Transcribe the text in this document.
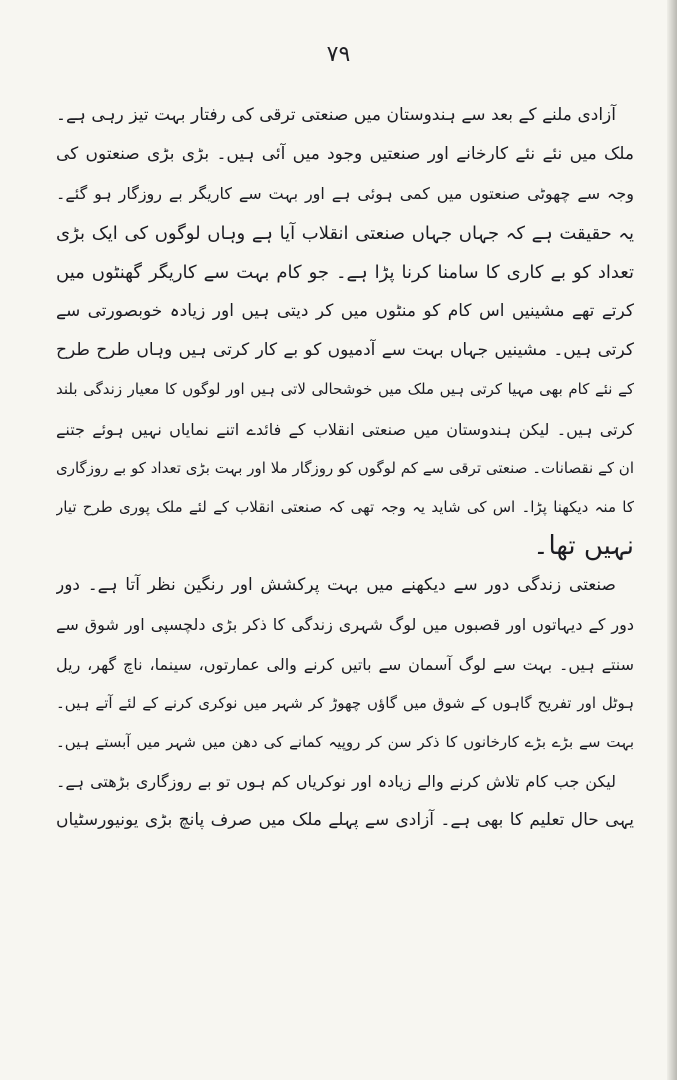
۷۹
آزادی ملنے کے بعد سے ہندوستان میں صنعتی ترقی کی رفتار بہت تیز رہی ہے۔
ملک میں نئے نئے کارخانے اور صنعتیں وجود میں آئی ہیں۔ بڑی بڑی صنعتوں کی
وجہ سے چھوٹی صنعتوں میں کمی ہوئی ہے اور بہت سے کاریگر بے روزگار ہو گئے۔
یہ حقیقت ہے کہ جہاں جہاں صنعتی انقلاب آیا ہے وہاں لوگوں کی ایک بڑی
تعداد کو بے کاری کا سامنا کرنا پڑا ہے۔ جو کام بہت سے کاریگر گھنٹوں میں
کرتے تھے مشینیں اس کام کو منٹوں میں کر دیتی ہیں اور زیادہ خوبصورتی سے
کرتی ہیں۔ مشینیں جہاں بہت سے آدمیوں کو بے کار کرتی ہیں وہاں طرح طرح
کے نئے کام بھی مہیا کرتی ہیں ملک میں خوشحالی لاتی ہیں اور لوگوں کا معیار زندگی بلند
کرتی ہیں۔ لیکن ہندوستان میں صنعتی انقلاب کے فائدے اتنے نمایاں نہیں ہوئے جتنے
ان کے نقصانات۔ صنعتی ترقی سے کم لوگوں کو روزگار ملا اور بہت بڑی تعداد کو بے روزگاری
کا منہ دیکھنا پڑا۔ اس کی شاید یہ وجہ تھی کہ صنعتی انقلاب کے لئے ملک پوری طرح تیار
نہیں تھا۔
صنعتی زندگی دور سے دیکھنے میں بہت پرکشش اور رنگین نظر آتا ہے۔ دور
دور کے دیہاتوں اور قصبوں میں لوگ شہری زندگی کا ذکر بڑی دلچسپی اور شوق سے
سنتے ہیں۔ بہت سے لوگ آسمان سے باتیں کرنے والی عمارتوں، سینما، ناچ گھر، ریل
ہوٹل اور تفریح گاہوں کے شوق میں گاؤں چھوڑ کر شہر میں نوکری کرنے کے لئے آتے ہیں۔
بہت سے بڑے بڑے کارخانوں کا ذکر سن کر روپیہ کمانے کی دھن میں شہر میں آبستے ہیں۔
لیکن جب کام تلاش کرنے والے زیادہ اور نوکریاں کم ہوں تو بے روزگاری بڑھتی ہے۔
یہی حال تعلیم کا بھی ہے۔ آزادی سے پہلے ملک میں صرف پانچ بڑی یونیورسٹیاں
